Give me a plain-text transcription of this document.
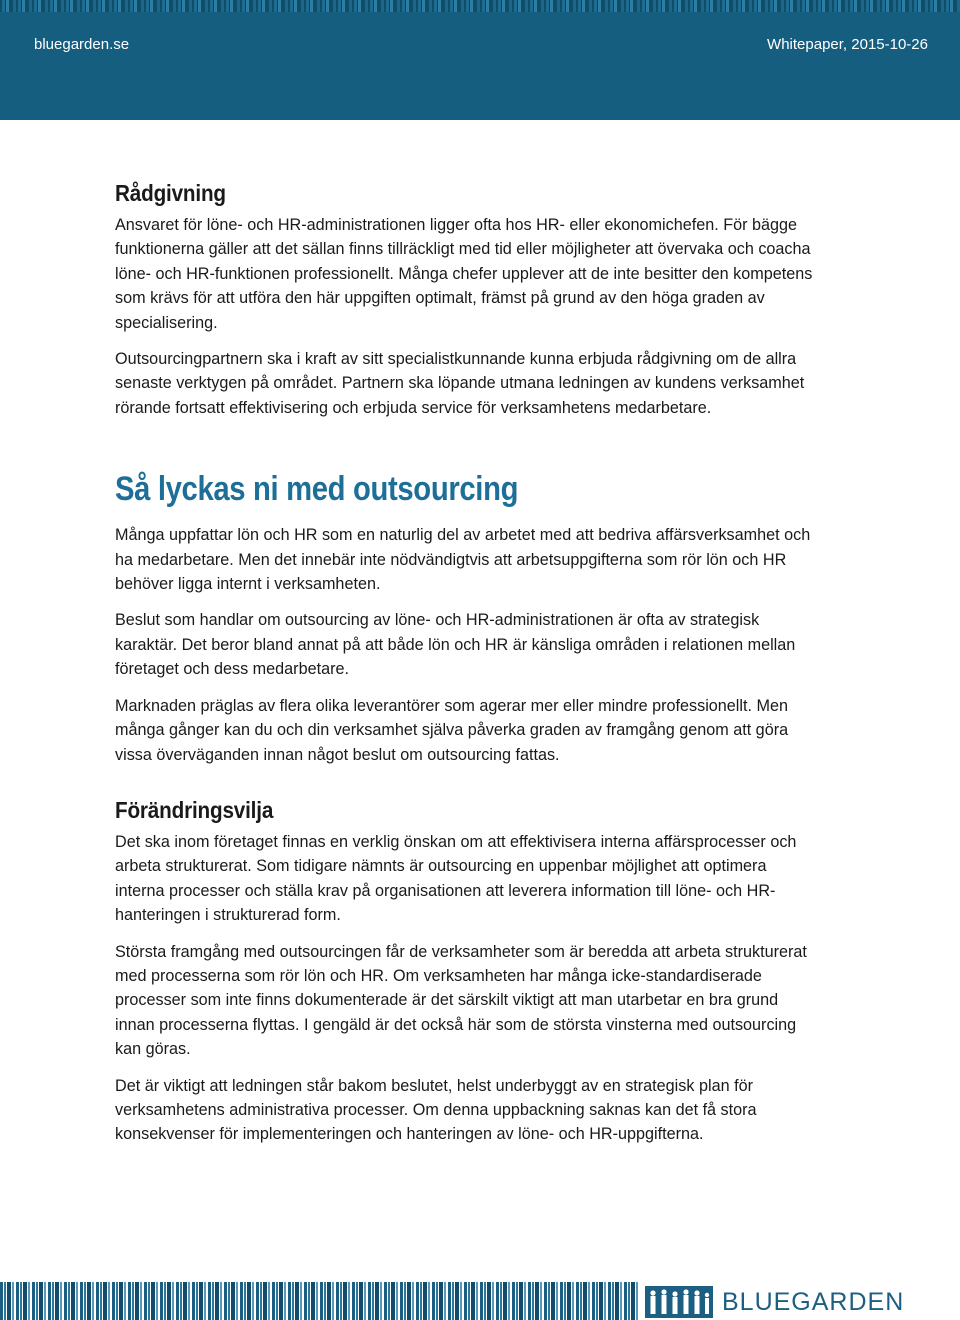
bluegarden.se	Whitepaper, 2015-10-26
Rådgivning

Ansvaret för löne- och HR-administrationen ligger ofta hos HR- eller ekonomichefen. För bägge funktionerna gäller att det sällan finns tillräckligt med tid eller möjligheter att övervaka och coacha löne- och HR-funktionen professionellt. Många chefer upplever att de inte besitter den kompetens som krävs för att utföra den här uppgiften optimalt, främst på grund av den höga graden av specialisering.

Outsourcingpartnern ska i kraft av sitt specialistkunnande kunna erbjuda rådgivning om de allra senaste verktygen på området. Partnern ska löpande utmana ledningen av kundens verksamhet rörande fortsatt effektivisering och erbjuda service för verksamhetens medarbetare.

Så lyckas ni med outsourcing

Många uppfattar lön och HR som en naturlig del av arbetet med att bedriva affärsverksamhet och ha medarbetare. Men det innebär inte nödvändigtvis att arbetsuppgifterna som rör lön och HR behöver ligga internt i verksamheten.

Beslut som handlar om outsourcing av löne- och HR-administrationen är ofta av strategisk karaktär. Det beror bland annat på att både lön och HR är känsliga områden i relationen mellan företaget och dess medarbetare.

Marknaden präglas av flera olika leverantörer som agerar mer eller mindre professionellt. Men många gånger kan du och din verksamhet själva påverka graden av framgång genom att göra vissa överväganden innan något beslut om outsourcing fattas.

Förändringsvilja

Det ska inom företaget finnas en verklig önskan om att effektivisera interna affärsprocesser och arbeta strukturerat. Som tidigare nämnts är outsourcing en uppenbar möjlighet att optimera interna processer och ställa krav på organisationen att leverera information till löne- och HR-hanteringen i strukturerad form.

Största framgång med outsourcingen får de verksamheter som är beredda att arbeta strukturerat med processerna som rör lön och HR. Om verksamheten har många icke-standardiserade processer som inte finns dokumenterade är det särskilt viktigt att man utarbetar en bra grund innan processerna flyttas. I gengäld är det också här som de största vinsterna med outsourcing kan göras.

Det är viktigt att ledningen står bakom beslutet, helst underbyggt av en strategisk plan för verksamhetens administrativa processer. Om denna uppbackning saknas kan det få stora konsekvenser för implementeringen och hanteringen av löne- och HR-uppgifterna.

BLUEGARDEN
